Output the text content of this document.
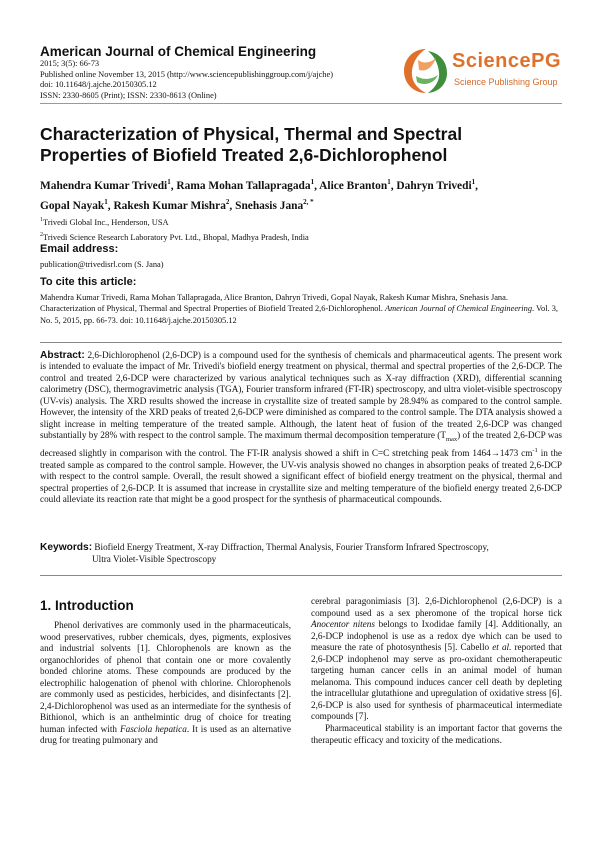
American Journal of Chemical Engineering
2015; 3(5): 66-73
Published online November 13, 2015 (http://www.sciencepublishinggroup.com/j/ajche)
doi: 10.11648/j.ajche.20150305.12
ISSN: 2330-8605 (Print); ISSN: 2330-8613 (Online)
SciencePG
Science Publishing Group
Characterization of Physical, Thermal and Spectral
Properties of Biofield Treated 2,6-Dichlorophenol
Mahendra Kumar Trivedi$^1$, Rama Mohan Tallapragada$^1$, Alice Branton$^1$, Dahryn Trivedi$^1$,
Gopal Nayak$^1$, Rakesh Kumar Mishra$^2$, Snehasis Jana$^{2, *}$
$^1$Trivedi Global Inc., Henderson, USA
$^2$Trivedi Science Research Laboratory Pvt. Ltd., Bhopal, Madhya Pradesh, India
Email address:
publication@trivedisrl.com (S. Jana)
To cite this article:
Mahendra Kumar Trivedi, Rama Mohan Tallapragada, Alice Branton, Dahryn Trivedi, Gopal Nayak, Rakesh Kumar Mishra, Snehasis Jana. Characterization of Physical, Thermal and Spectral Properties of Biofield Treated 2,6-Dichlorophenol. American Journal of Chemical Engineering. Vol. 3, No. 5, 2015, pp. 66-73. doi: 10.11648/j.ajche.20150305.12
Abstract: 2,6-Dichlorophenol (2,6-DCP) is a compound used for the synthesis of chemicals and pharmaceutical agents. The present work is intended to evaluate the impact of Mr. Trivedi's biofield energy treatment on physical, thermal and spectral properties of the 2,6-DCP. The control and treated 2,6-DCP were characterized by various analytical techniques such as X-ray diffraction (XRD), differential scanning calorimetry (DSC), thermogravimetric analysis (TGA), Fourier transform infrared (FT-IR) spectroscopy, and ultra violet-visible spectroscopy (UV-vis) analysis. The XRD results showed the increase in crystallite size of treated sample by 28.94% as compared to the control sample. However, the intensity of the XRD peaks of treated 2,6-DCP were diminished as compared to the control sample. The DTA analysis showed a slight increase in melting temperature of the treated sample. Although, the latent heat of fusion of the treated 2,6-DCP was changed substantially by 28% with respect to the control sample. The maximum thermal decomposition temperature $(T_{max})$ of the treated 2,6-DCP was decreased slightly in comparison with the control. The FT-IR analysis showed a shift in C=C stretching peak from 1464→1473 $cm^{-1}$ in the treated sample as compared to the control sample. However, the UV-vis analysis showed no changes in absorption peaks of treated 2,6-DCP with respect to the control sample. Overall, the result showed a significant effect of biofield energy treatment on the physical, thermal and spectral properties of 2,6-DCP. It is assumed that increase in crystallite size and melting temperature of the biofield energy treated 2,6-DCP could alleviate its reaction rate that might be a good prospect for the synthesis of pharmaceutical compounds.
Keywords: Biofield Energy Treatment, X-ray Diffraction, Thermal Analysis, Fourier Transform Infrared Spectroscopy,
Ultra Violet-Visible Spectroscopy
1. Introduction

Phenol derivatives are commonly used in the pharmaceuticals, wood preservatives, rubber chemicals, dyes, pigments, explosives and industrial solvents [1]. Chlorophenols are known as the organochlorides of phenol that contain one or more covalently bonded chlorine atoms. These compounds are produced by the electrophilic halogenation of phenol with chlorine. Chlorophenols are commonly used as pesticides, herbicides, and disinfectants [2]. 2,4-Dichlorophenol was used as an intermediate for the synthesis of Bithionol, which is an anthelmintic drug of choice for treating human infected with Fasciola hepatica. It is used as an alternative drug for treating pulmonary and

cerebral paragonimiasis [3]. 2,6-Dichlorophenol (2,6-DCP) is a compound used as a sex pheromone of the tropical horse tick Anocentor nitens belongs to Ixodidae family [4]. Additionally, an 2,6-DCP indophenol is use as a redox dye which can be used to measure the rate of photosynthesis [5]. Cabello et al. reported that 2,6-DCP indophenol may serve as pro-oxidant chemotherapeutic targeting human cancer cells in an animal model of human melanoma. This compound induces cancer cell death by depleting the intracellular glutathione and upregulation of oxidative stress [6]. 2,6-DCP is also used for synthesis of pharmaceutical intermediate compounds [7].

Pharmaceutical stability is an important factor that governs the therapeutic efficacy and toxicity of the medications.
